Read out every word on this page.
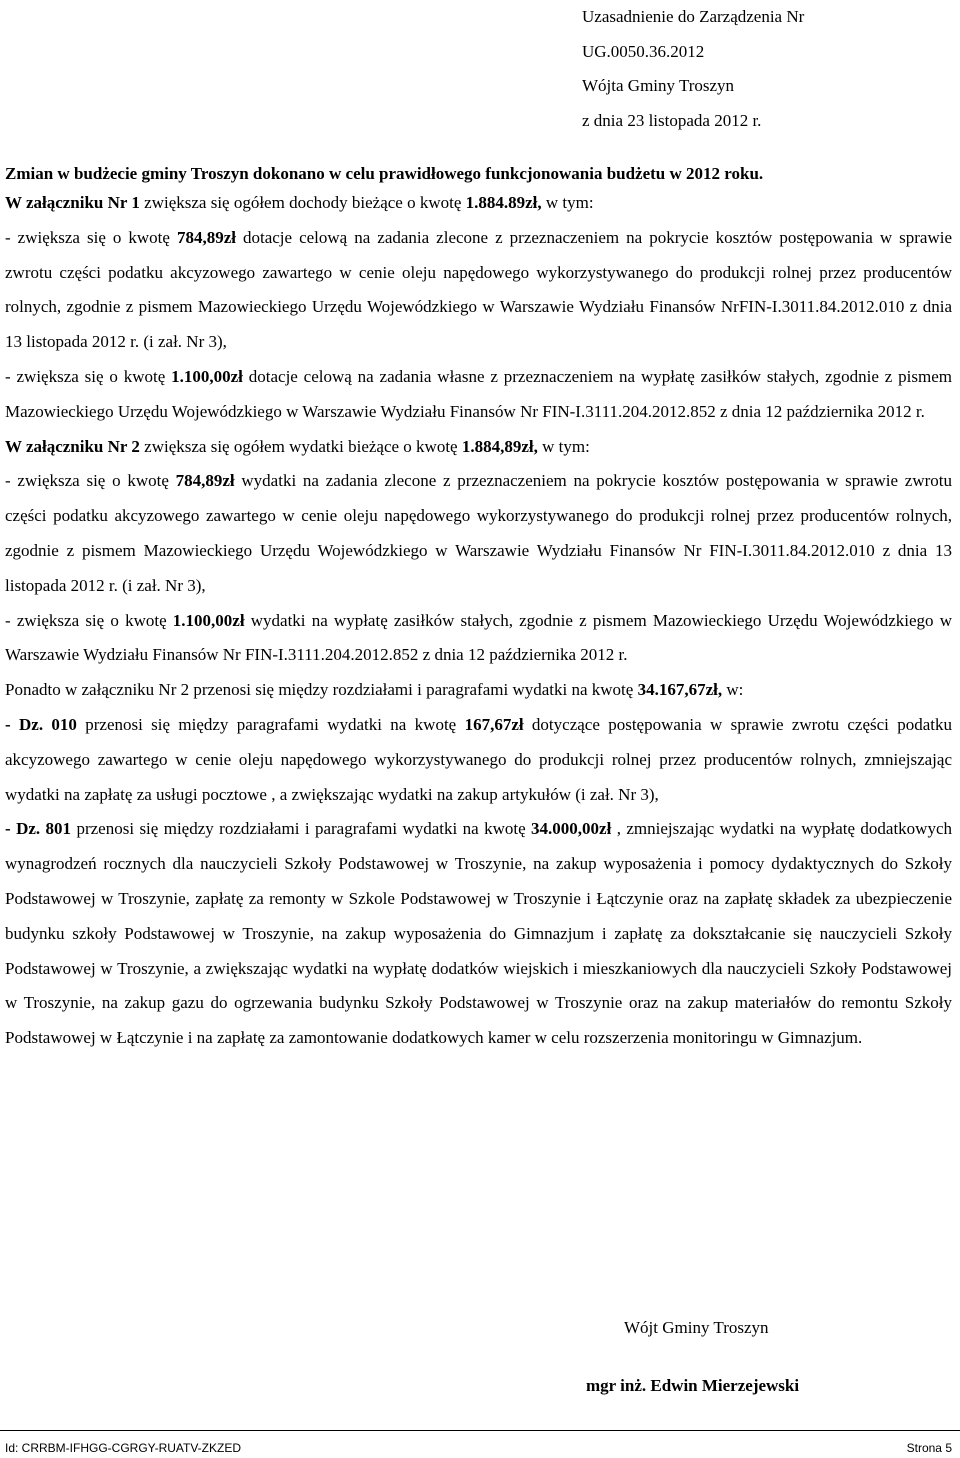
Uzasadnienie do Zarządzenia Nr
UG.0050.36.2012
Wójta Gminy Troszyn
z dnia 23 listopada 2012 r.

Zmian w budżecie gminy Troszyn dokonano w celu prawidłowego funkcjonowania budżetu w 2012 roku.

W załączniku Nr 1 zwiększa się ogółem dochody bieżące o kwotę 1.884.89zł, w tym:

- zwiększa się o kwotę 784,89zł dotacje celową na zadania zlecone z przeznaczeniem na pokrycie kosztów postępowania w sprawie zwrotu części podatku akcyzowego zawartego w cenie oleju napędowego wykorzystywanego do produkcji rolnej przez producentów rolnych, zgodnie z pismem Mazowieckiego Urzędu Wojewódzkiego w Warszawie Wydziału Finansów NrFIN-I.3011.84.2012.010 z dnia 13 listopada 2012 r. (i zał. Nr 3),

- zwiększa się o kwotę 1.100,00zł dotacje celową na zadania własne z przeznaczeniem na wypłatę zasiłków stałych, zgodnie z pismem Mazowieckiego Urzędu Wojewódzkiego w Warszawie Wydziału Finansów Nr FIN-I.3111.204.2012.852 z dnia 12 października 2012 r.

W załączniku Nr 2 zwiększa się ogółem wydatki bieżące o kwotę 1.884,89zł, w tym:

- zwiększa się o kwotę 784,89zł wydatki na zadania zlecone z przeznaczeniem na pokrycie kosztów postępowania w sprawie zwrotu części podatku akcyzowego zawartego w cenie oleju napędowego wykorzystywanego do produkcji rolnej przez producentów rolnych, zgodnie z pismem Mazowieckiego Urzędu Wojewódzkiego w Warszawie Wydziału Finansów Nr FIN-I.3011.84.2012.010 z dnia 13 listopada 2012 r. (i zał. Nr 3),

- zwiększa się o kwotę 1.100,00zł wydatki na wypłatę zasiłków stałych, zgodnie z pismem Mazowieckiego Urzędu Wojewódzkiego w Warszawie Wydziału Finansów Nr FIN-I.3111.204.2012.852 z dnia 12 października 2012 r.

Ponadto w załączniku Nr 2 przenosi się między rozdziałami i paragrafami wydatki na kwotę 34.167,67zł, w:

- Dz. 010 przenosi się między paragrafami wydatki na kwotę 167,67zł dotyczące postępowania w sprawie zwrotu części podatku akcyzowego zawartego w cenie oleju napędowego wykorzystywanego do produkcji rolnej przez producentów rolnych, zmniejszając wydatki na zapłatę za usługi pocztowe , a zwiększając wydatki na zakup artykułów (i zał. Nr 3),

- Dz. 801 przenosi się między rozdziałami i paragrafami wydatki na kwotę 34.000,00zł , zmniejszając wydatki na wypłatę dodatkowych wynagrodzeń rocznych dla nauczycieli Szkoły Podstawowej w Troszynie, na zakup wyposażenia i pomocy dydaktycznych do Szkoły Podstawowej w Troszynie, zapłatę za remonty w Szkole Podstawowej w Troszynie i Łątczynie oraz na zapłatę składek za ubezpieczenie budynku szkoły Podstawowej w Troszynie, na zakup wyposażenia do Gimnazjum i zapłatę za dokształcanie się nauczycieli Szkoły Podstawowej w Troszynie, a zwiększając wydatki na wypłatę dodatków wiejskich i mieszkaniowych dla nauczycieli Szkoły Podstawowej w Troszynie, na zakup gazu do ogrzewania budynku Szkoły Podstawowej w Troszynie oraz na zakup materiałów do remontu Szkoły Podstawowej w Łątczynie i na zapłatę za zamontowanie dodatkowych kamer w celu rozszerzenia monitoringu w Gimnazjum.

Wójt Gminy Troszyn
mgr inż. Edwin Mierzejewski
Id: CRRBM-IFHGG-CGRGY-RUATV-ZKZED	Strona 5
